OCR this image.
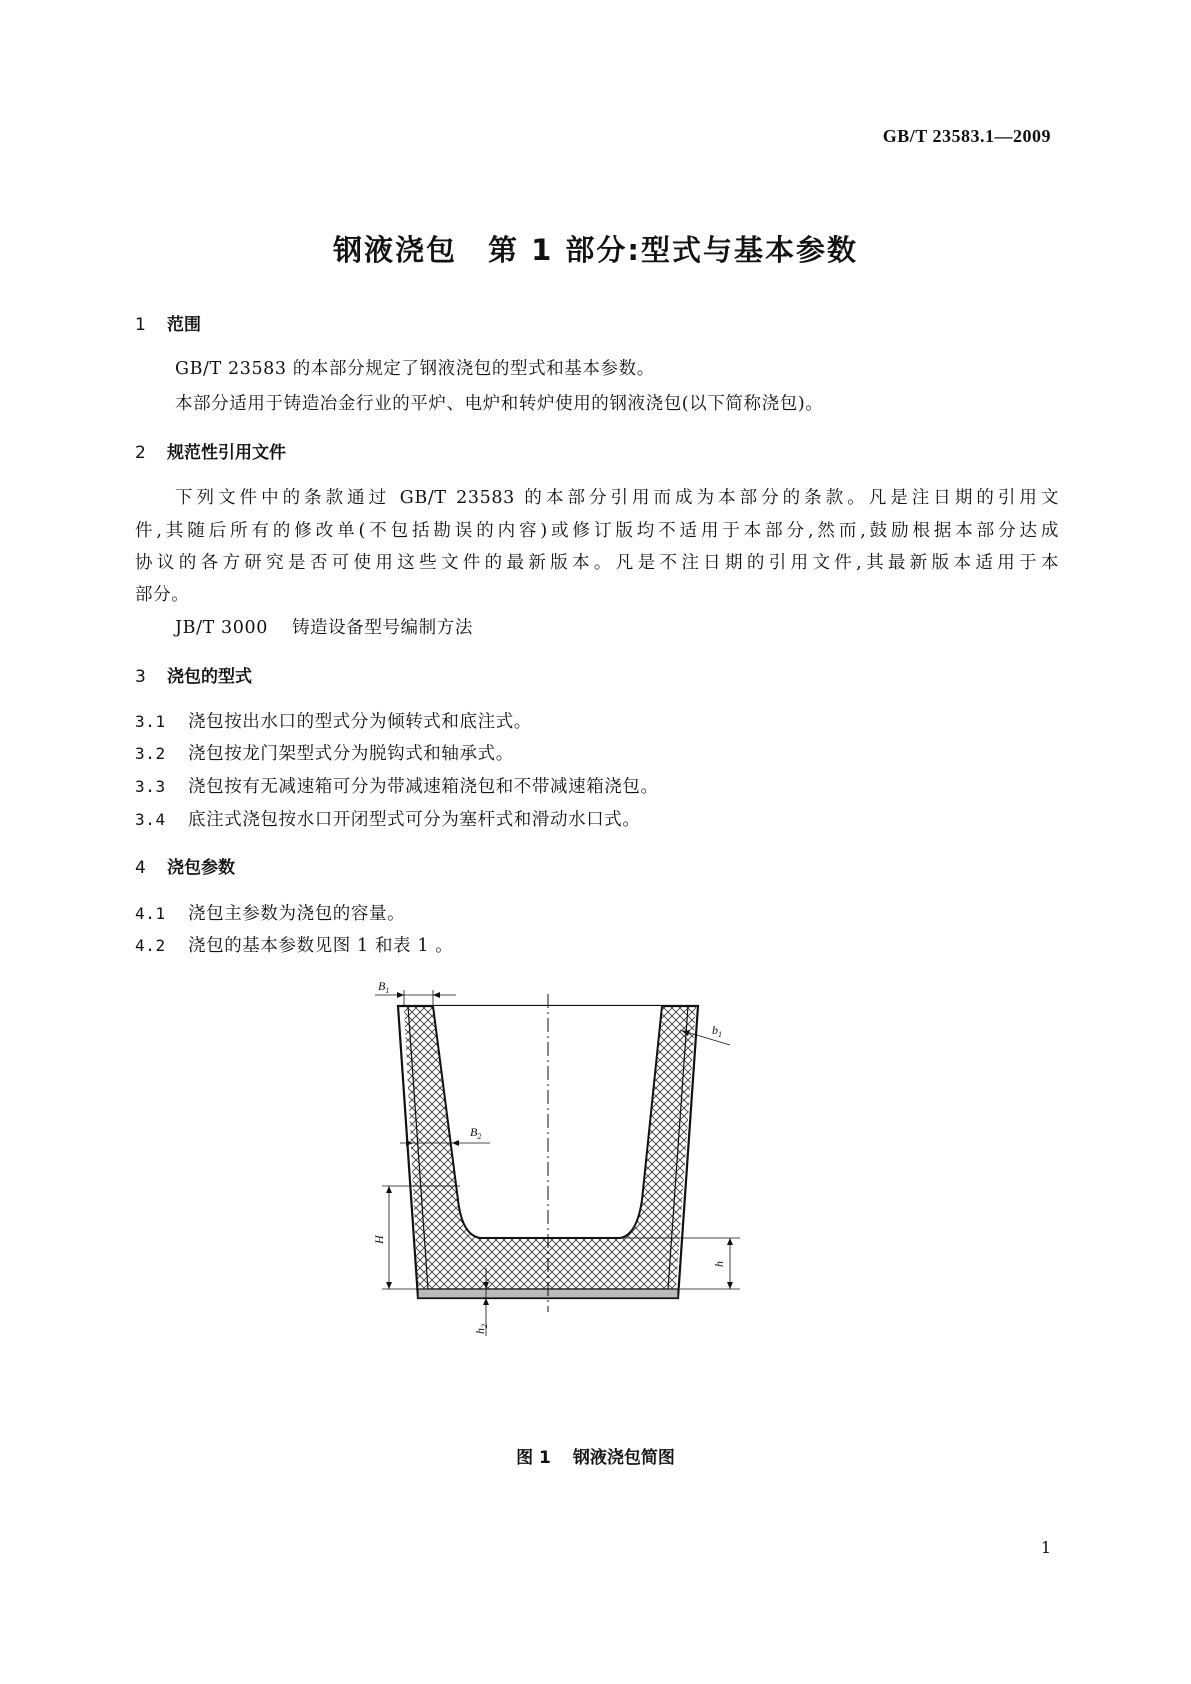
GB/T 23583.1—2009
钢液浇包　第 1 部分:型式与基本参数
1 范围
GB/T 23583 的本部分规定了钢液浇包的型式和基本参数。
本部分适用于铸造冶金行业的平炉、电炉和转炉使用的钢液浇包(以下简称浇包)。
2 规范性引用文件
下列文件中的条款通过 GB/T 23583 的本部分引用而成为本部分的条款。凡是注日期的引用文
件,其随后所有的修改单(不包括勘误的内容)或修订版均不适用于本部分,然而,鼓励根据本部分达成
协议的各方研究是否可使用这些文件的最新版本。凡是不注日期的引用文件,其最新版本适用于本
部分。
JB/T 3000 铸造设备型号编制方法
3 浇包的型式
3.1 浇包按出水口的型式分为倾转式和底注式。
3.2 浇包按龙门架型式分为脱钩式和轴承式。
3.3 浇包按有无减速箱可分为带减速箱浇包和不带减速箱浇包。
3.4 底注式浇包按水口开闭型式可分为塞杆式和滑动水口式。
4 浇包参数
4.1 浇包主参数为浇包的容量。
4.2 浇包的基本参数见图 1 和表 1 。
$B_1$
$b_1$
$B_2$
H
h
$h_2$
图 1 钢液浇包简图
1
